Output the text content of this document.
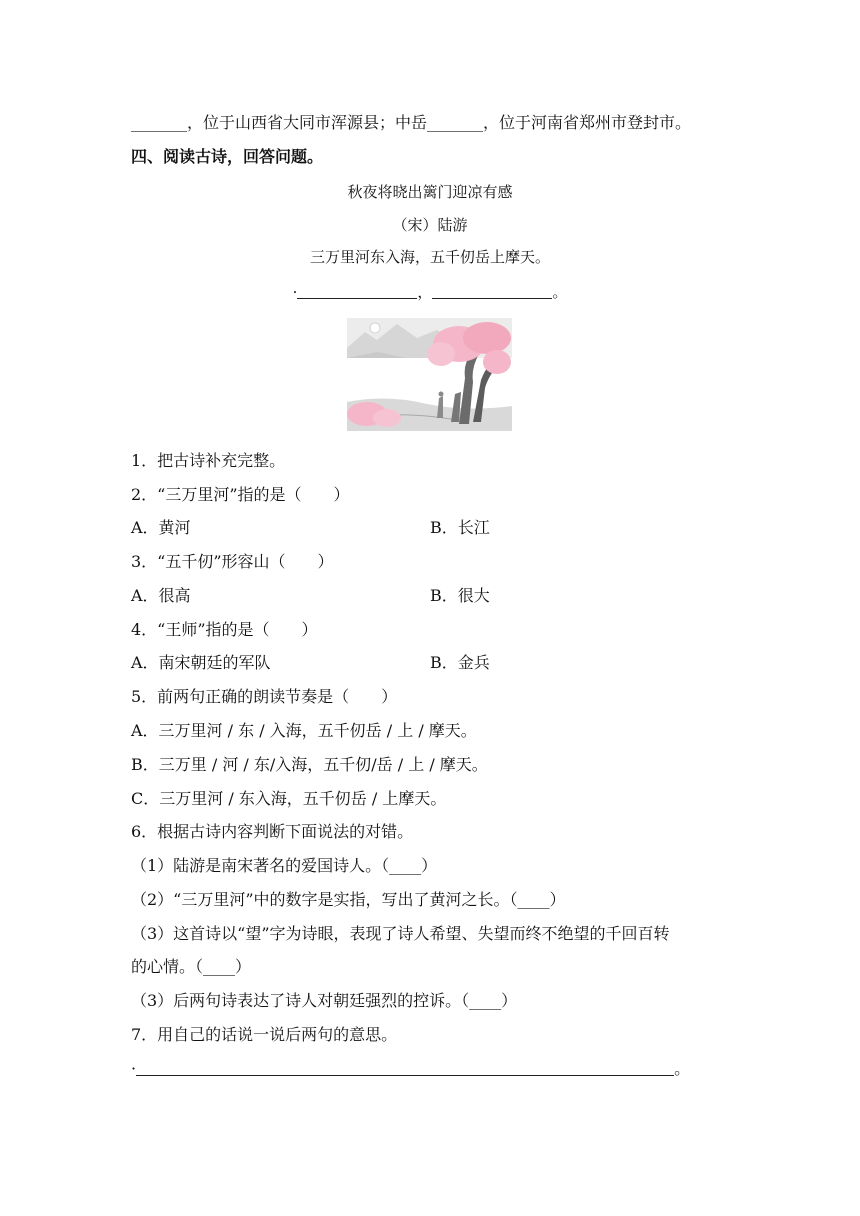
_______，位于山西省大同市浑源县；中岳_______，位于河南省郑州市登封市。
四、阅读古诗，回答问题。
秋夜将晓出篱门迎凉有感
（宋）陆游
三万里河东入海，五千仞岳上摩天。
·	，	。
1．把古诗补充完整。
2．“三万里河”指的是（ ）
A．黄河	B．长江
3．“五千仞”形容山（ ）
A．很高	B．很大
4．“王师”指的是（ ）
A．南宋朝廷的军队	B．金兵
5．前两句正确的朗读节奏是（ ）
A．三万里河 / 东 / 入海，五千仞岳 / 上 / 摩天。
B．三万里 / 河 / 东/入海，五千仞/岳 / 上 / 摩天。
C．三万里河 / 东入海，五千仞岳 / 上摩天。
6．根据古诗内容判断下面说法的对错。
（1）陆游是南宋著名的爱国诗人。（____）
（2）“三万里河”中的数字是实指，写出了黄河之长。（____）
（3）这首诗以“望”字为诗眼，表现了诗人希望、失望而终不绝望的千回百转
的心情。（____）
（3）后两句诗表达了诗人对朝廷强烈的控诉。（____）
7．用自己的话说一说后两句的意思。
·	。
